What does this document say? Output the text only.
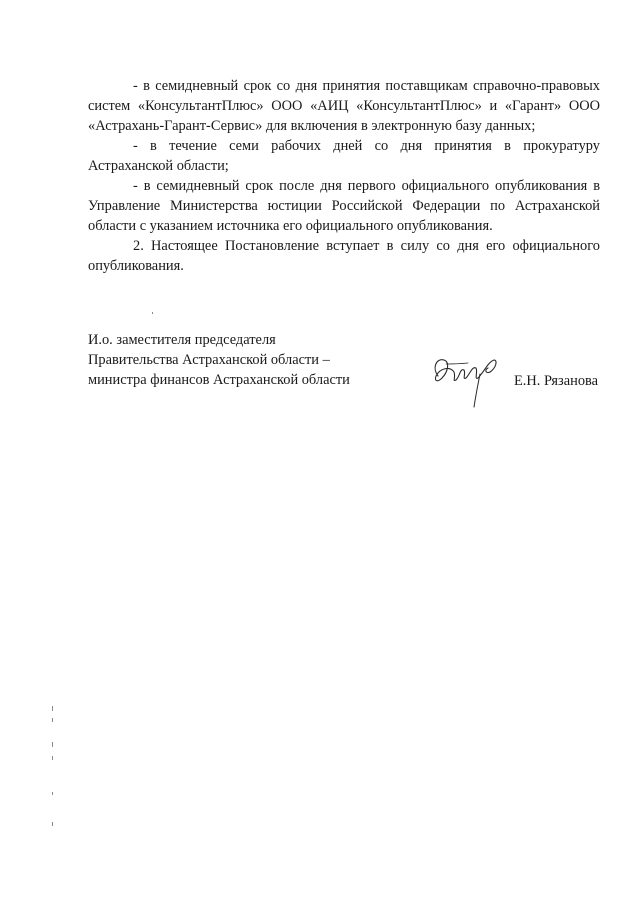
- в семидневный срок со дня принятия поставщикам справочно-правовых систем «КонсультантПлюс» ООО «АИЦ «КонсультантПлюс» и «Гарант» ООО «Астрахань-Гарант-Сервис» для включения в электронную базу данных;

- в течение семи рабочих дней со дня принятия в прокуратуру Астраханской области;

- в семидневный срок после дня первого официального опубликования в Управление Министерства юстиции Российской Федерации по Астраханской области с указанием источника его официального опубликования.

2. Настоящее Постановление вступает в силу со дня его официального опубликования.

И.о. заместителя председателя

Правительства Астраханской области –

министра финансов Астраханской области	Е.Н. Рязанова
